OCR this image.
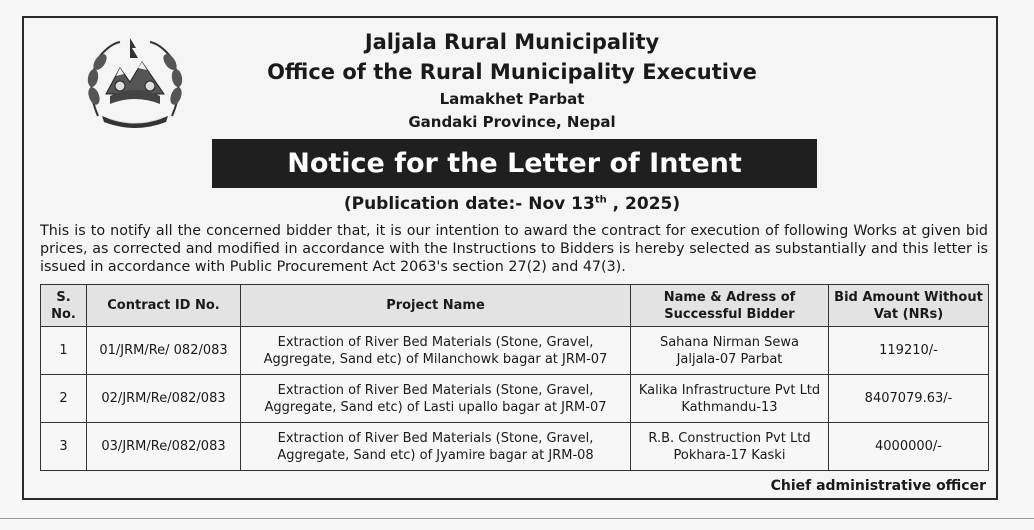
Jaljala Rural Municipality
Office of the Rural Municipality Executive
Lamakhet Parbat
Gandaki Province, Nepal
Notice for the Letter of Intent
(Publication date:- Nov 13th , 2025)
This is to notify all the concerned bidder that, it is our intention to award the contract for execution of following Works at given bid prices, as corrected and modified in accordance with the Instructions to Bidders is hereby selected as substantially and this letter is issued in accordance with Public Procurement Act 2063's section 27(2) and 47(3).
S. No.	Contract ID No.	Project Name	Name & Adress of Successful Bidder	Bid Amount Without Vat (NRs)
1	01/JRM/Re/ 082/083	Extraction of River Bed Materials (Stone, Gravel, Aggregate, Sand etc) of Milanchowk bagar at JRM-07	Sahana Nirman Sewa
Jaljala-07 Parbat	119210/-
2	02/JRM/Re/082/083	Extraction of River Bed Materials (Stone, Gravel, Aggregate, Sand etc) of Lasti upallo bagar at JRM-07	Kalika Infrastructure Pvt Ltd
Kathmandu-13	8407079.63/-
3	03/JRM/Re/082/083	Extraction of River Bed Materials (Stone, Gravel, Aggregate, Sand etc) of Jyamire bagar at JRM-08	R.B. Construction Pvt Ltd
Pokhara-17 Kaski	4000000/-
Chief administrative officer
